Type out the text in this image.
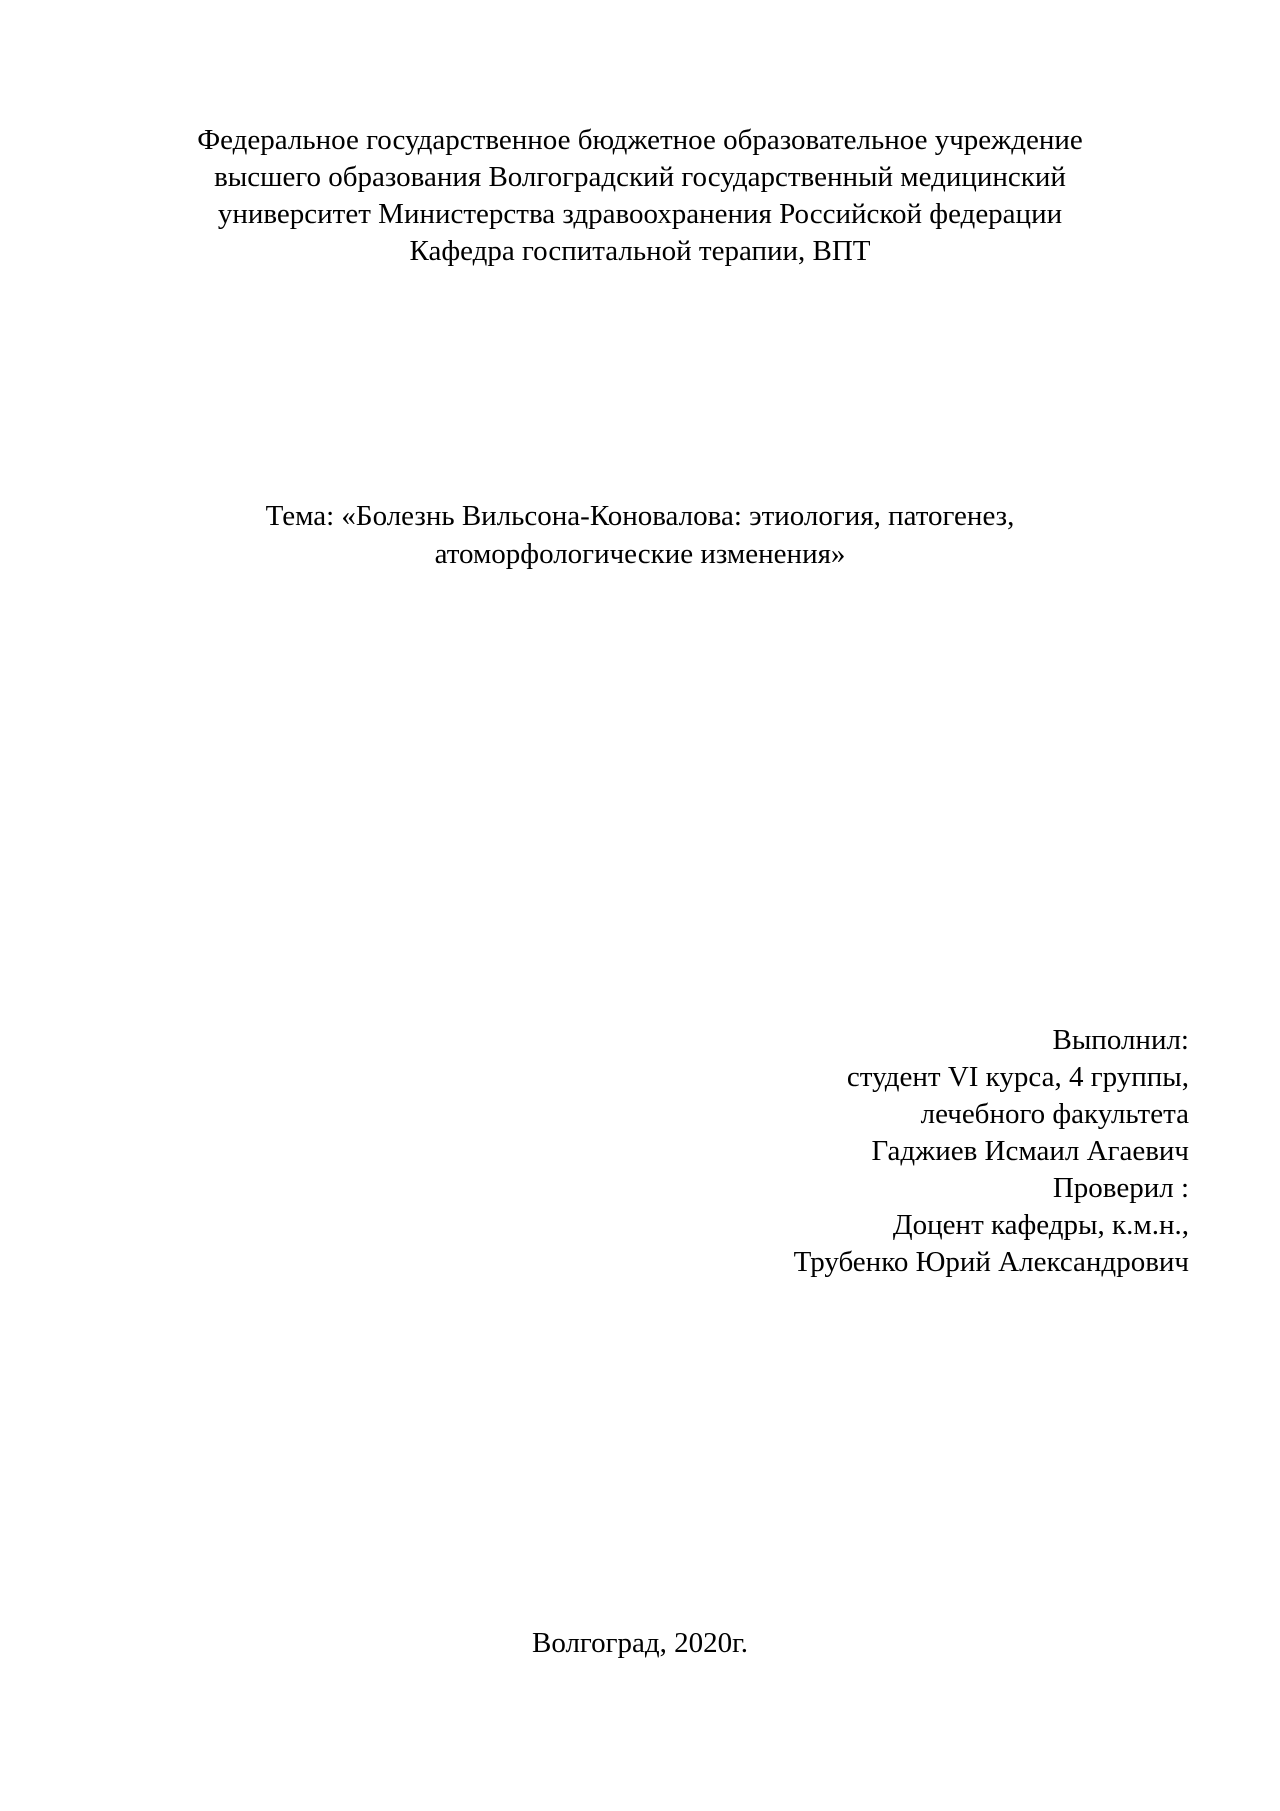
Федеральное государственное бюджетное образовательное учреждение
высшего образования Волгоградский государственный медицинский
университет Министерства здравоохранения Российской федерации
Кафедра госпитальной терапии, ВПТ
Тема: «Болезнь Вильсона-Коновалова: этиология, патогенез,
атоморфологические изменения»
Выполнил:
студент VI курса, 4 группы,
лечебного факультета
Гаджиев Исмаил Агаевич
Проверил :
Доцент кафедры, к.м.н.,
Трубенко Юрий Александрович
Волгоград, 2020г.
